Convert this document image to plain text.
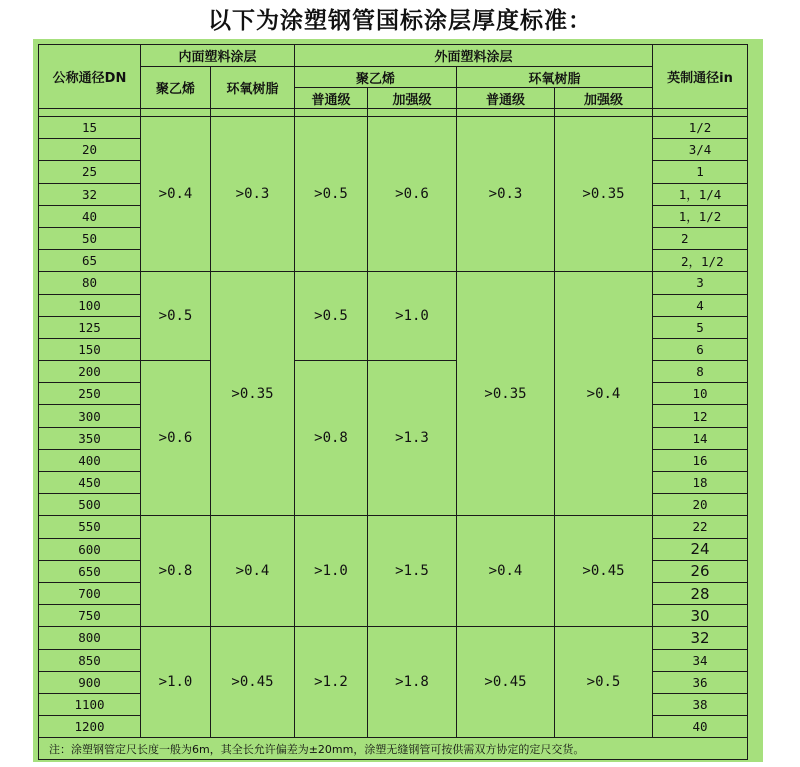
以下为涂塑钢管国标涂层厚度标准：
公称通径DN	内面塑料涂层		外面塑料涂层				英制通径in
	聚乙烯	环氧树脂	聚乙烯		环氧树脂		
			普通级	加强级	普通级	加强级	

15	>0.4	>0.3	>0.5	>0.6	>0.3	>0.35	1/2
20							3/4
25							1
32							1，1/4
40							1，1/2
50							2
65							2，1/2
80	>0.5	>0.35	>0.5	>1.0	>0.35	>0.4	3
100							4
125							5
150							6
200	>0.6		>0.8	>1.3			8
250							10
300							12
350							14
400							16
450							18
500							20
550	>0.8	>0.4	>1.0	>1.5	>0.4	>0.45	22
600							24
650							26
700							28
750							30
800	>1.0	>0.45	>1.2	>1.8	>0.45	>0.5	32
850							34
900							36
1100							38
1200							40
注：涂塑钢管定尺长度一般为6m，其全长允许偏差为±20mm，涂塑无缝钢管可按供需双方协定的定尺交货。							
